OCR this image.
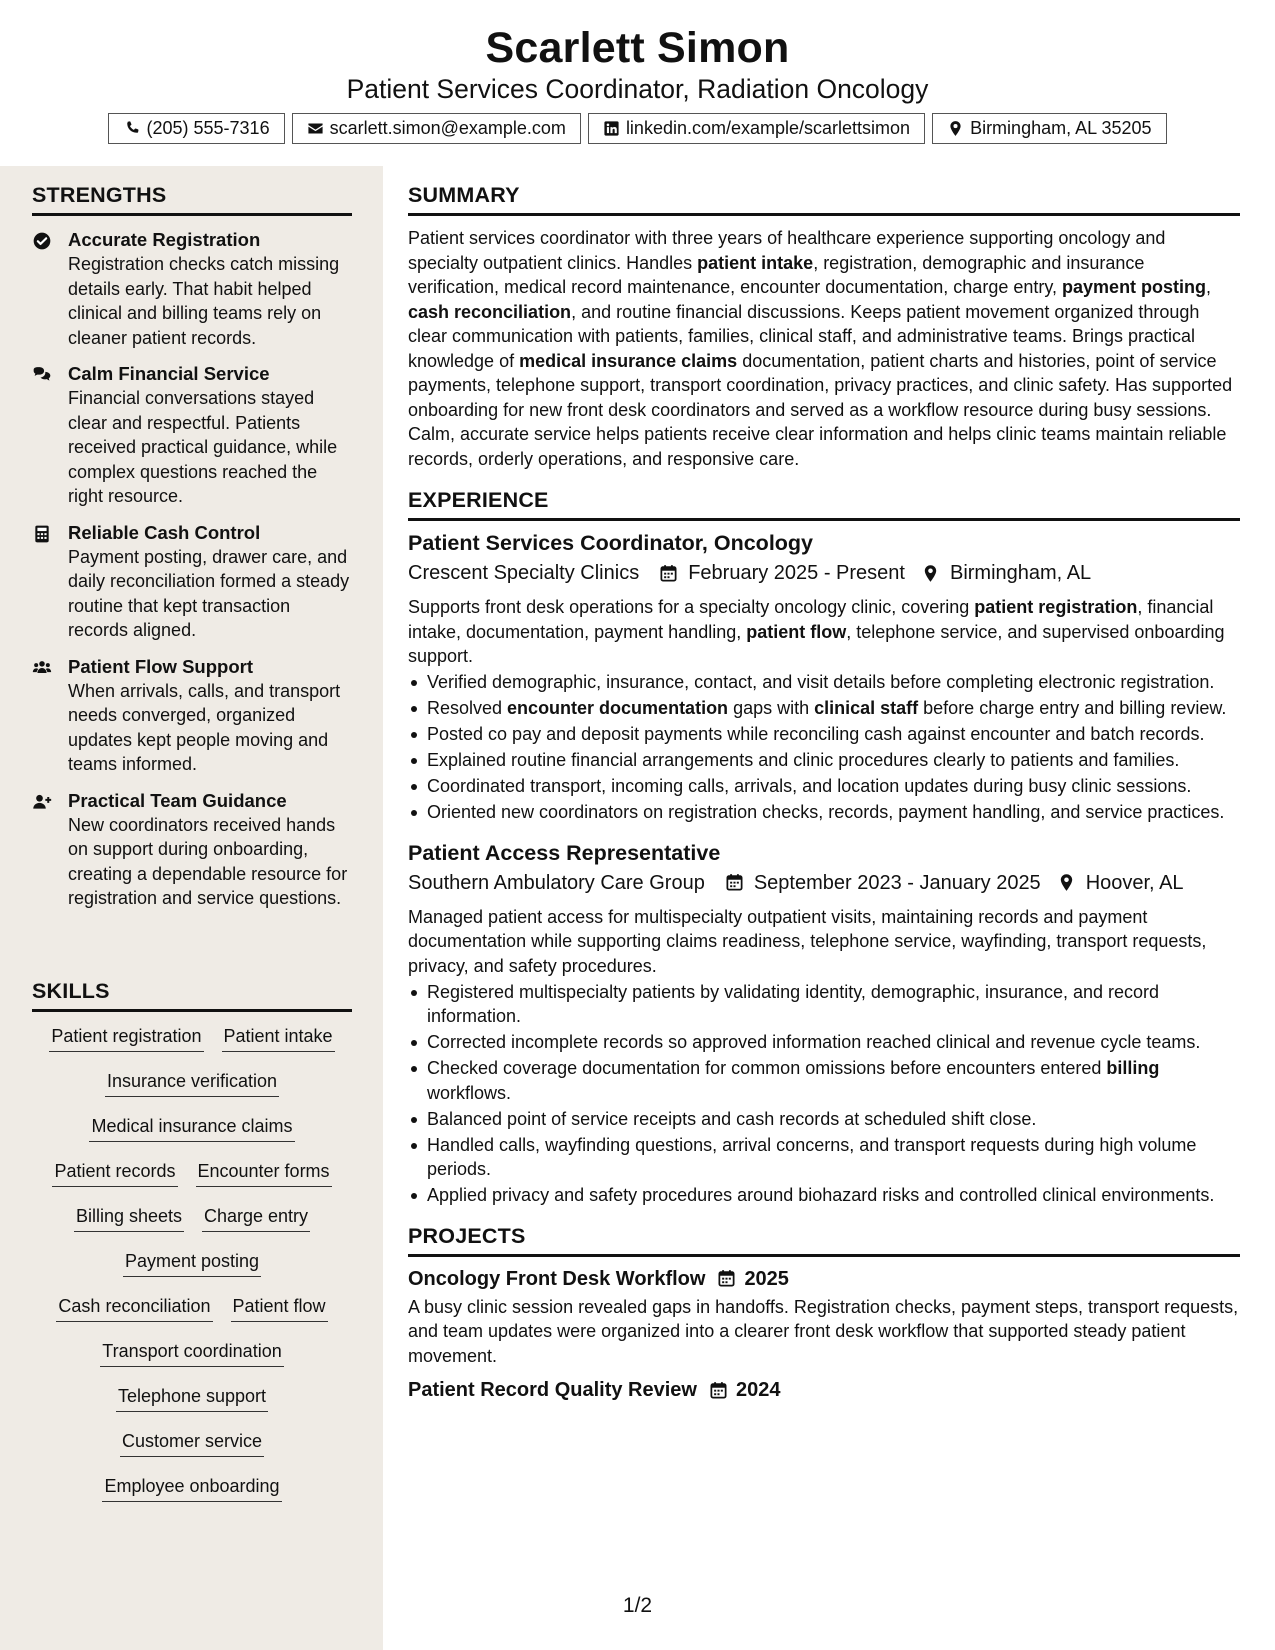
Scarlett Simon
Patient Services Coordinator, Radiation Oncology
(205) 555-7316	scarlett.simon@example.com	linkedin.com/example/scarlettsimon	Birmingham, AL 35205
STRENGTHS
Accurate Registration
Registration checks catch missing details early. That habit helped clinical and billing teams rely on cleaner patient records.
Calm Financial Service
Financial conversations stayed clear and respectful. Patients received practical guidance, while complex questions reached the right resource.
Reliable Cash Control
Payment posting, drawer care, and daily reconciliation formed a steady routine that kept transaction records aligned.
Patient Flow Support
When arrivals, calls, and transport needs converged, organized updates kept people moving and teams informed.
Practical Team Guidance
New coordinators received hands on support during onboarding, creating a dependable resource for registration and service questions.
SKILLS
Patient registration Patient intake
Insurance verification
Medical insurance claims
Patient records Encounter forms
Billing sheets Charge entry
Payment posting
Cash reconciliation Patient flow
Transport coordination
Telephone support
Customer service
Employee onboarding
SUMMARY
Patient services coordinator with three years of healthcare experience supporting oncology and specialty outpatient clinics. Handles patient intake, registration, demographic and insurance verification, medical record maintenance, encounter documentation, charge entry, payment posting, cash reconciliation, and routine financial discussions. Keeps patient movement organized through clear communication with patients, families, clinical staff, and administrative teams. Brings practical knowledge of medical insurance claims documentation, patient charts and histories, point of service payments, telephone support, transport coordination, privacy practices, and clinic safety. Has supported onboarding for new front desk coordinators and served as a workflow resource during busy sessions. Calm, accurate service helps patients receive clear information and helps clinic teams maintain reliable records, orderly operations, and responsive care.
EXPERIENCE
Patient Services Coordinator, Oncology
Crescent Specialty Clinics February 2025 - Present Birmingham, AL
Supports front desk operations for a specialty oncology clinic, covering patient registration, financial intake, documentation, payment handling, patient flow, telephone service, and supervised onboarding support.
Verified demographic, insurance, contact, and visit details before completing electronic registration.
Resolved encounter documentation gaps with clinical staff before charge entry and billing review.
Posted co pay and deposit payments while reconciling cash against encounter and batch records.
Explained routine financial arrangements and clinic procedures clearly to patients and families.
Coordinated transport, incoming calls, arrivals, and location updates during busy clinic sessions.
Oriented new coordinators on registration checks, records, payment handling, and service practices.
Patient Access Representative
Southern Ambulatory Care Group September 2023 - January 2025 Hoover, AL
Managed patient access for multispecialty outpatient visits, maintaining records and payment documentation while supporting claims readiness, telephone service, wayfinding, transport requests, privacy, and safety procedures.
Registered multispecialty patients by validating identity, demographic, insurance, and record information.
Corrected incomplete records so approved information reached clinical and revenue cycle teams.
Checked coverage documentation for common omissions before encounters entered billing workflows.
Balanced point of service receipts and cash records at scheduled shift close.
Handled calls, wayfinding questions, arrival concerns, and transport requests during high volume periods.
Applied privacy and safety procedures around biohazard risks and controlled clinical environments.
PROJECTS
Oncology Front Desk Workflow 2025
A busy clinic session revealed gaps in handoffs. Registration checks, payment steps, transport requests, and team updates were organized into a clearer front desk workflow that supported steady patient movement.
Patient Record Quality Review 2024
1/2
